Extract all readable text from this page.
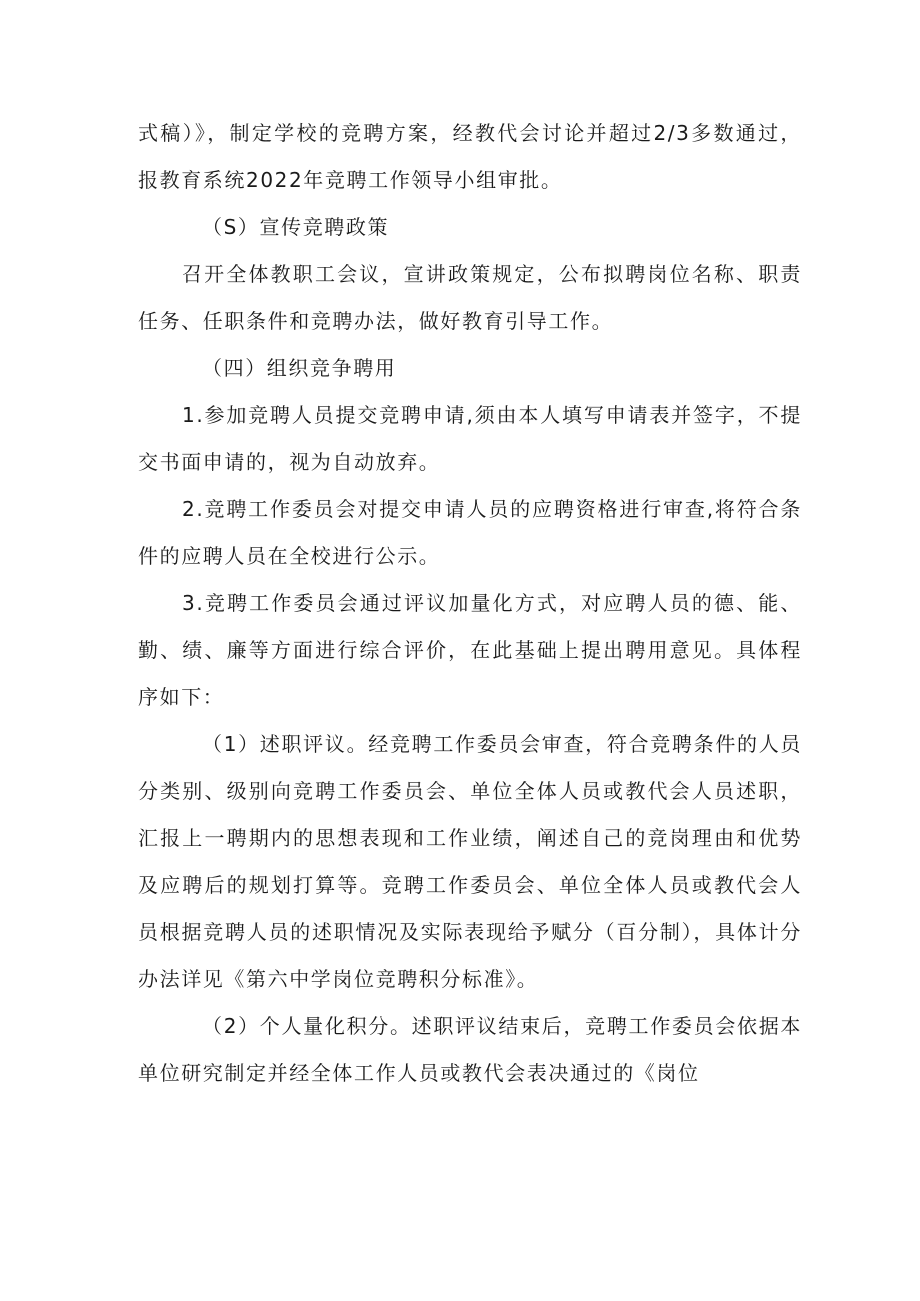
式稿）》，制定学校的竞聘方案，经教代会讨论并超过2/3多数通过，报教育系统2022年竞聘工作领导小组审批。

（S）宣传竞聘政策

召开全体教职工会议，宣讲政策规定，公布拟聘岗位名称、职责任务、任职条件和竞聘办法，做好教育引导工作。

（四）组织竞争聘用

1.参加竞聘人员提交竞聘申请,须由本人填写申请表并签字，不提交书面申请的，视为自动放弃。

2.竞聘工作委员会对提交申请人员的应聘资格进行审查,将符合条件的应聘人员在全校进行公示。

3.竞聘工作委员会通过评议加量化方式，对应聘人员的德、能、勤、绩、廉等方面进行综合评价，在此基础上提出聘用意见。具体程序如下：

（1）述职评议。经竞聘工作委员会审查，符合竞聘条件的人员分类别、级别向竞聘工作委员会、单位全体人员或教代会人员述职，汇报上一聘期内的思想表现和工作业绩，阐述自己的竞岗理由和优势及应聘后的规划打算等。竞聘工作委员会、单位全体人员或教代会人员根据竞聘人员的述职情况及实际表现给予赋分（百分制），具体计分办法详见《第六中学岗位竞聘积分标准》。

（2）个人量化积分。述职评议结束后，竞聘工作委员会依据本单位研究制定并经全体工作人员或教代会表决通过的《岗位
